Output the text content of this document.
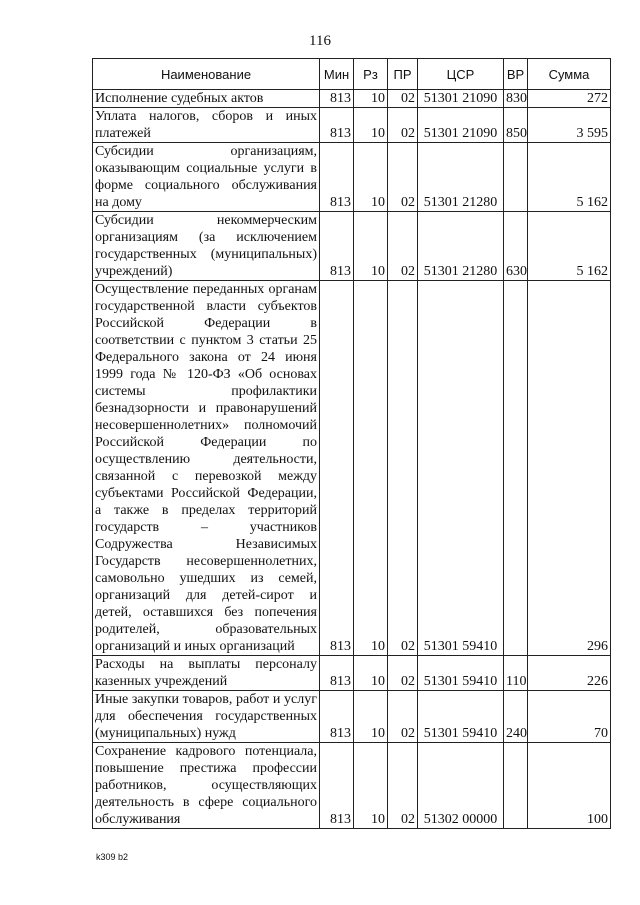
116
Наименование	Мин	Рз	ПР	ЦСР	ВР	Сумма
Исполнение судебных актов	813	10	02	51301 21090	830	272
Уплата налогов, сборов и иных платежей	813	10	02	51301 21090	850	3 595
Субсидии организациям, оказывающим социальные услуги в форме социального обслуживания на дому	813	10	02	51301 21280		5 162
Субсидии некоммерческим организациям (за исключением государственных (муниципальных) учреждений)	813	10	02	51301 21280	630	5 162
Осуществление переданных органам государственной власти субъектов Российской Федерации в соответствии с пунктом 3 статьи 25 Федерального закона от 24 июня 1999 года № 120-ФЗ «Об основах системы профилактики безнадзорности и правонарушений несовершеннолетних» полномочий Российской Федерации по осуществлению деятельности, связанной с перевозкой между субъектами Российской Федерации, а также в пределах территорий государств – участников Содружества Независимых Государств несовершеннолетних, самовольно ушедших из семей, организаций для детей-сирот и детей, оставшихся без попечения родителей, образовательных организаций и иных организаций	813	10	02	51301 59410		296
Расходы на выплаты персоналу казенных учреждений	813	10	02	51301 59410	110	226
Иные закупки товаров, работ и услуг для обеспечения государственных (муниципальных) нужд	813	10	02	51301 59410	240	70
Сохранение кадрового потенциала, повышение престижа профессии работников, осуществляющих деятельность в сфере социального обслуживания	813	10	02	51302 00000		100
k309 b2
